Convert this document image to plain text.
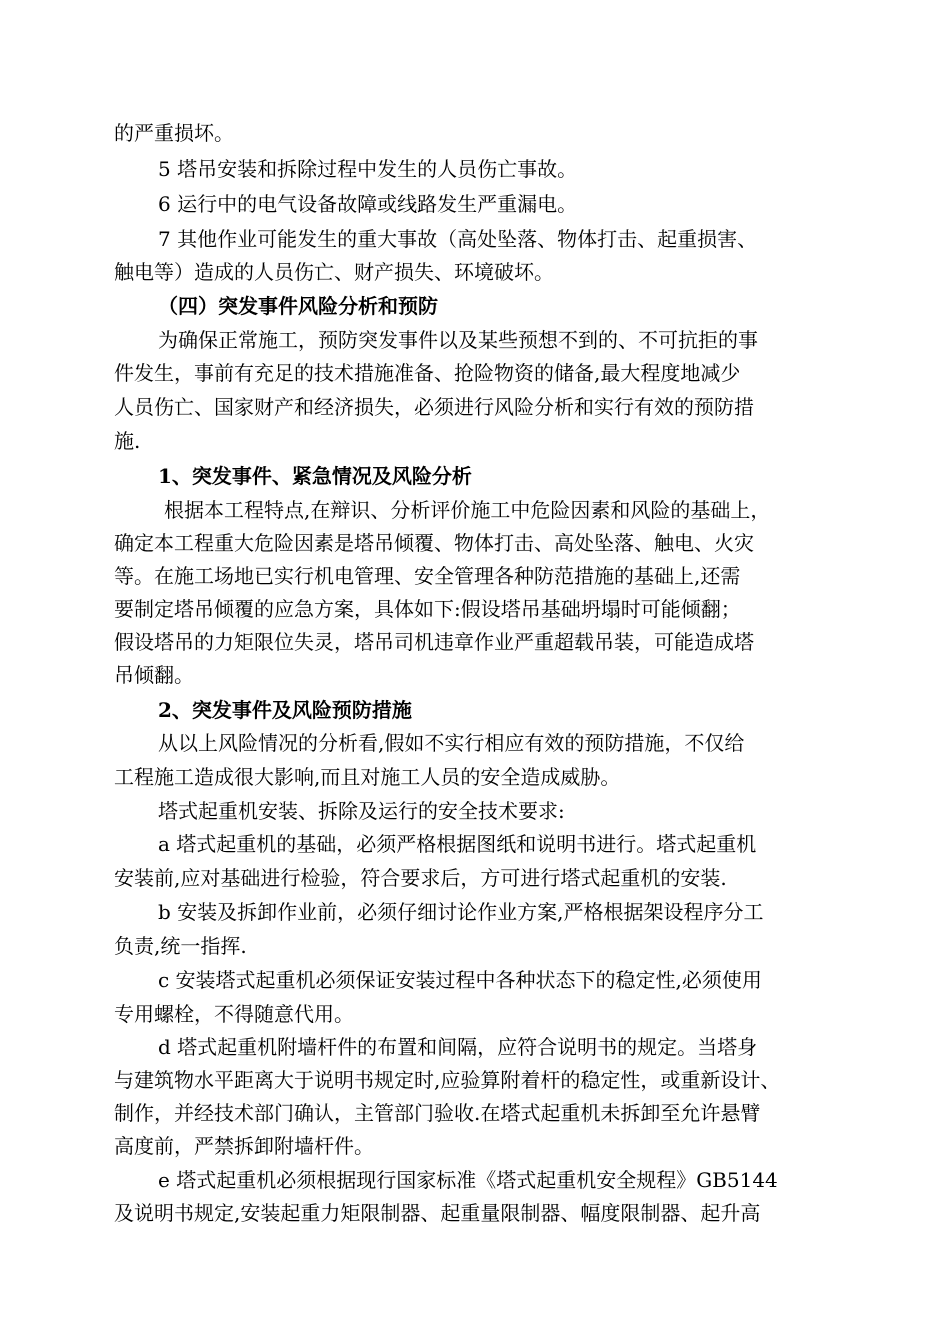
的严重损坏。
5 塔吊安装和拆除过程中发生的人员伤亡事故。
6 运行中的电气设备故障或线路发生严重漏电。
7 其他作业可能发生的重大事故（高处坠落、物体打击、起重损害、
触电等）造成的人员伤亡、财产损失、环境破坏。
（四）突发事件风险分析和预防
为确保正常施工，预防突发事件以及某些预想不到的、不可抗拒的事
件发生，事前有充足的技术措施准备、抢险物资的储备,最大程度地减少
人员伤亡、国家财产和经济损失，必须进行风险分析和实行有效的预防措
施.
1、突发事件、紧急情况及风险分析
根据本工程特点,在辩识、分析评价施工中危险因素和风险的基础上，
确定本工程重大危险因素是塔吊倾覆、物体打击、高处坠落、触电、火灾
等。在施工场地已实行机电管理、安全管理各种防范措施的基础上,还需
要制定塔吊倾覆的应急方案，具体如下:假设塔吊基础坍塌时可能倾翻；
假设塔吊的力矩限位失灵，塔吊司机违章作业严重超载吊装，可能造成塔
吊倾翻。
2、突发事件及风险预防措施
从以上风险情况的分析看,假如不实行相应有效的预防措施，不仅给
工程施工造成很大影响,而且对施工人员的安全造成威胁。
塔式起重机安装、拆除及运行的安全技术要求:
a 塔式起重机的基础，必须严格根据图纸和说明书进行。塔式起重机
安装前,应对基础进行检验，符合要求后，方可进行塔式起重机的安装.
b 安装及拆卸作业前，必须仔细讨论作业方案,严格根据架设程序分工
负责,统一指挥.
c 安装塔式起重机必须保证安装过程中各种状态下的稳定性,必须使用
专用螺栓，不得随意代用。
d 塔式起重机附墙杆件的布置和间隔，应符合说明书的规定。当塔身
与建筑物水平距离大于说明书规定时,应验算附着杆的稳定性，或重新设计、
制作，并经技术部门确认，主管部门验收.在塔式起重机未拆卸至允许悬臂
高度前，严禁拆卸附墙杆件。
e 塔式起重机必须根据现行国家标准《塔式起重机安全规程》GB5144
及说明书规定,安装起重力矩限制器、起重量限制器、幅度限制器、起升高
